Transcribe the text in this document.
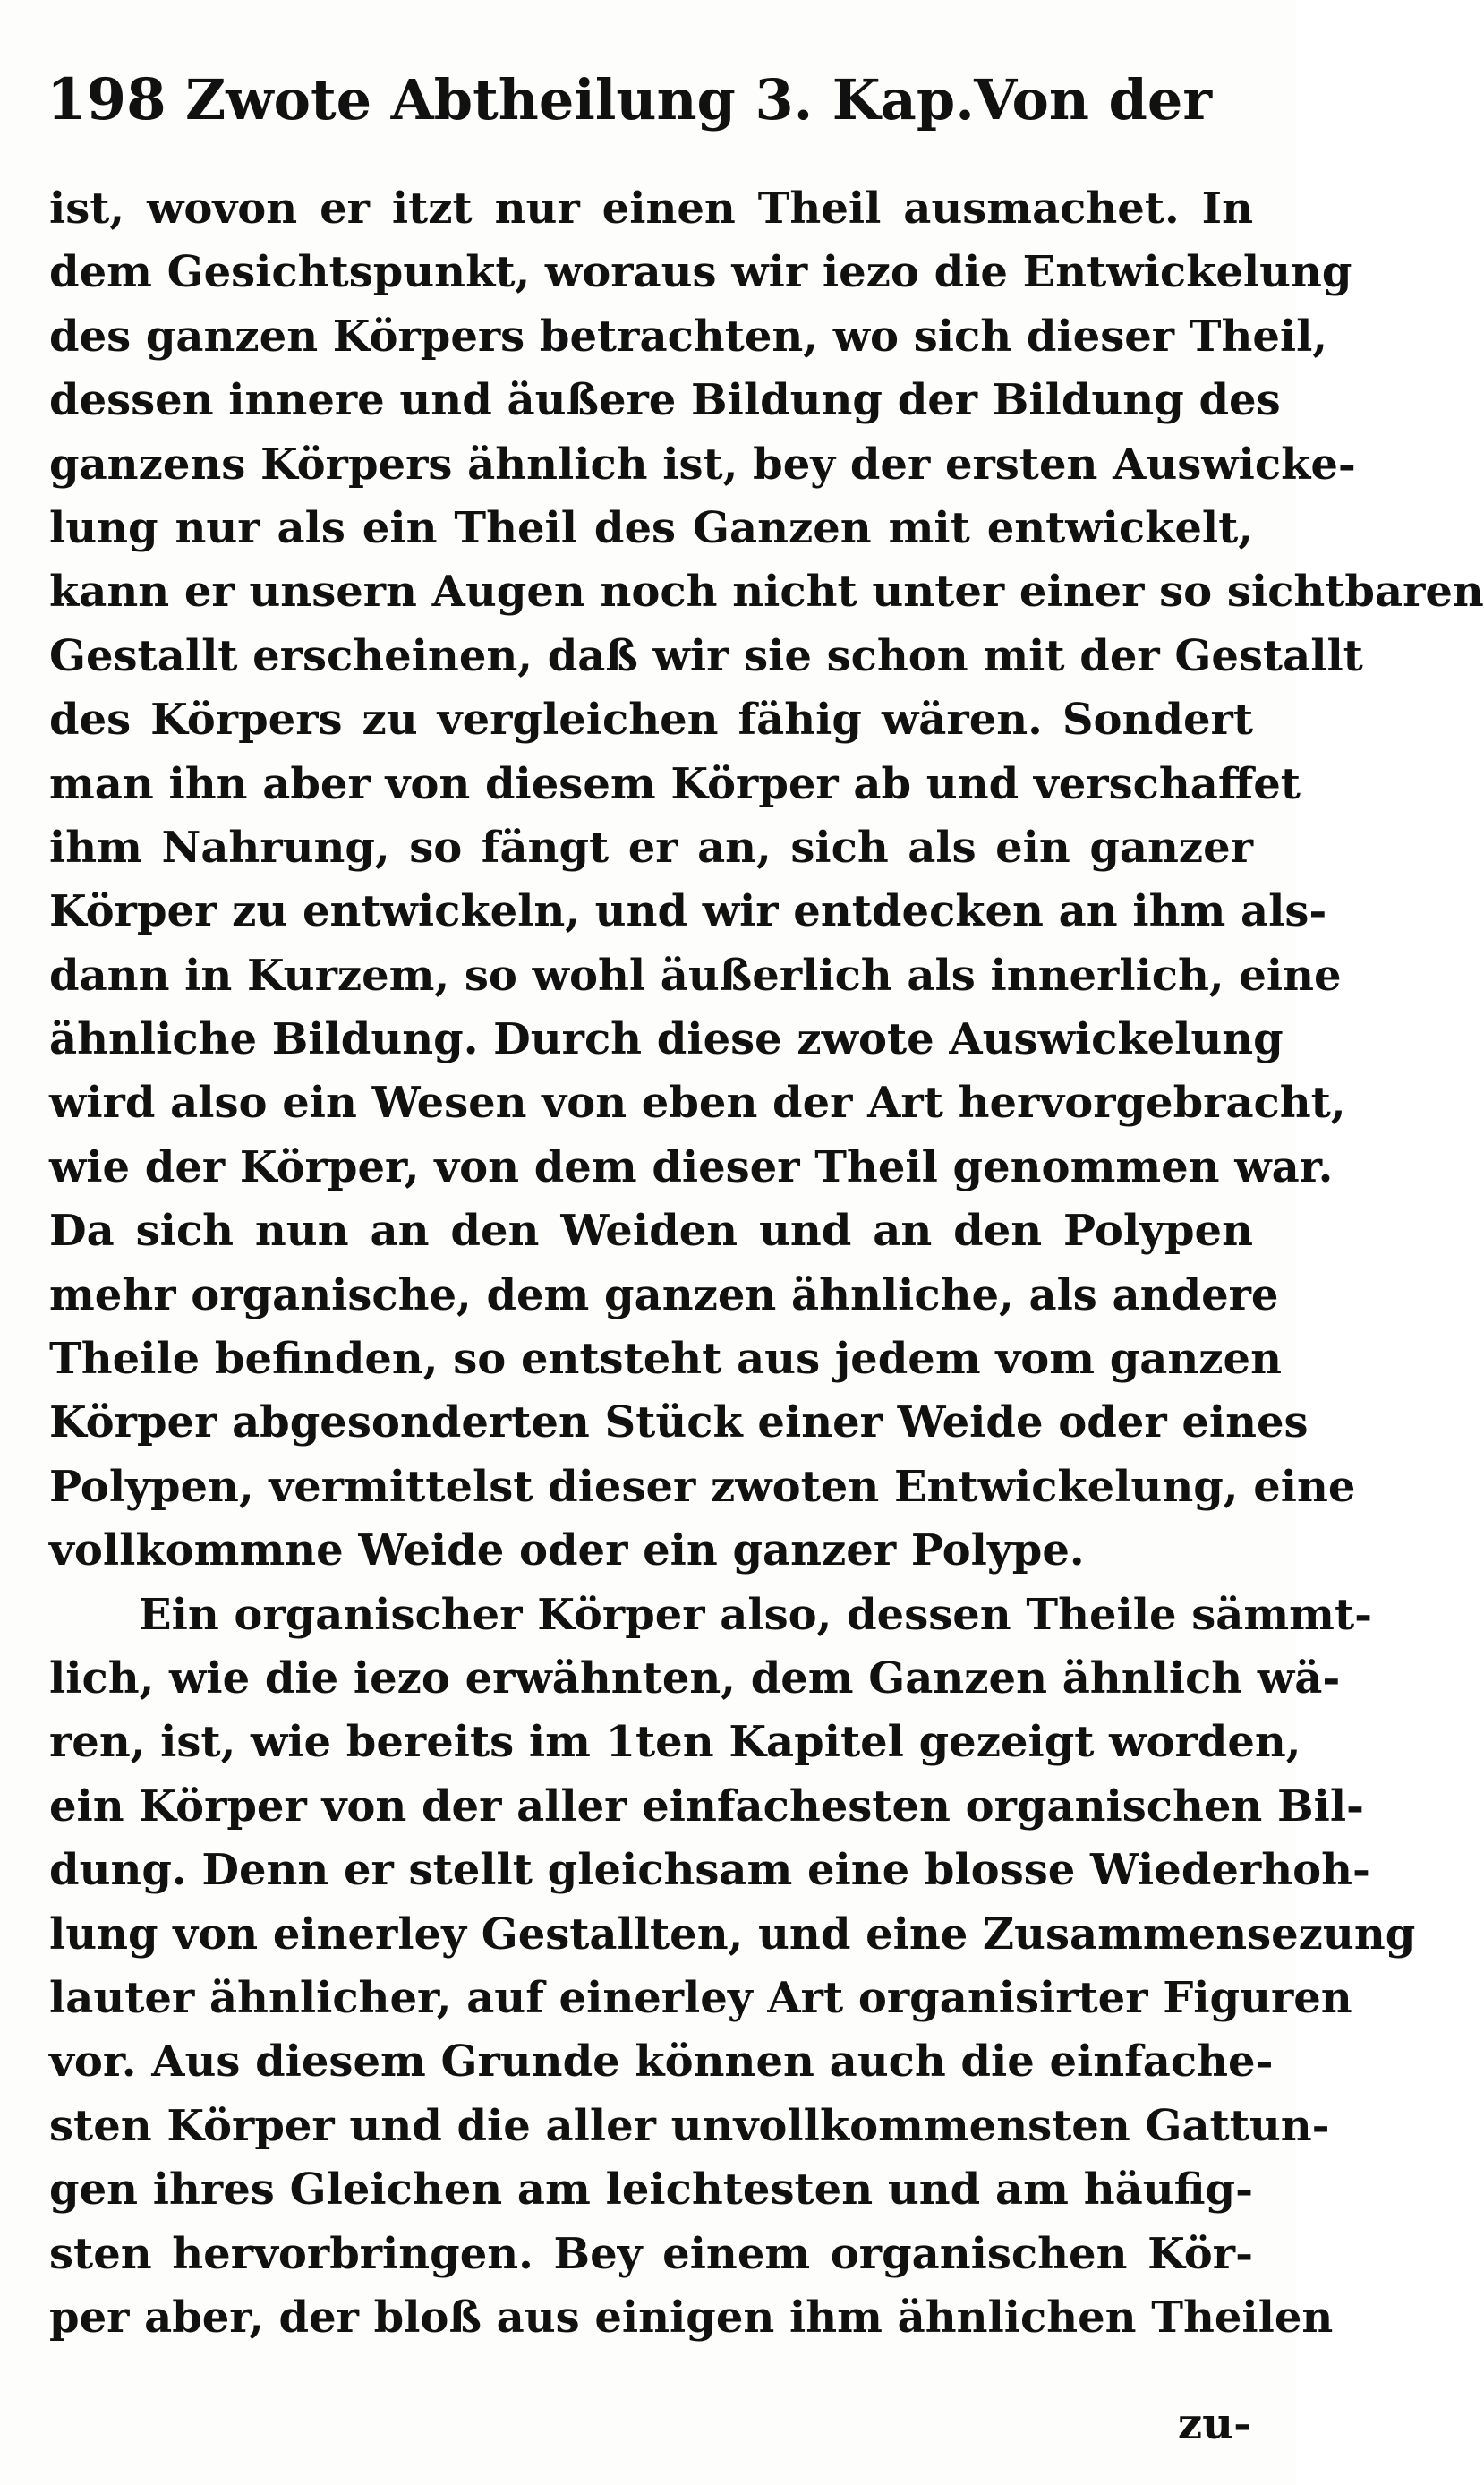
198 Zwote Abtheilung 3. Kap. Von der
ist, wovon er itzt nur einen Theil ausmachet. In
dem Gesichtspunkt, woraus wir iezo die Entwickelung
des ganzen Körpers betrachten, wo sich dieser Theil,
dessen innere und äußere Bildung der Bildung des
ganzens Körpers ähnlich ist, bey der ersten Auswicke-
lung nur als ein Theil des Ganzen mit entwickelt,
kann er unsern Augen noch nicht unter einer so sichtbaren
Gestallt erscheinen, daß wir sie schon mit der Gestallt
des Körpers zu vergleichen fähig wären. Sondert
man ihn aber von diesem Körper ab und verschaffet
ihm Nahrung, so fängt er an, sich als ein ganzer
Körper zu entwickeln, und wir entdecken an ihm als-
dann in Kurzem, so wohl äußerlich als innerlich, eine
ähnliche Bildung. Durch diese zwote Auswickelung
wird also ein Wesen von eben der Art hervorgebracht,
wie der Körper, von dem dieser Theil genommen war.
Da sich nun an den Weiden und an den Polypen
mehr organische, dem ganzen ähnliche, als andere
Theile befinden, so entsteht aus jedem vom ganzen
Körper abgesonderten Stück einer Weide oder eines
Polypen, vermittelst dieser zwoten Entwickelung, eine
vollkommne Weide oder ein ganzer Polype.
Ein organischer Körper also, dessen Theile sämmt-
lich, wie die iezo erwähnten, dem Ganzen ähnlich wä-
ren, ist, wie bereits im 1ten Kapitel gezeigt worden,
ein Körper von der aller einfachesten organischen Bil-
dung. Denn er stellt gleichsam eine blosse Wiederhoh-
lung von einerley Gestallten, und eine Zusammensezung
lauter ähnlicher, auf einerley Art organisirter Figuren
vor. Aus diesem Grunde können auch die einfache-
sten Körper und die aller unvollkommensten Gattun-
gen ihres Gleichen am leichtesten und am häufig-
sten hervorbringen. Bey einem organischen Kör-
per aber, der bloß aus einigen ihm ähnlichen Theilen
zu-
